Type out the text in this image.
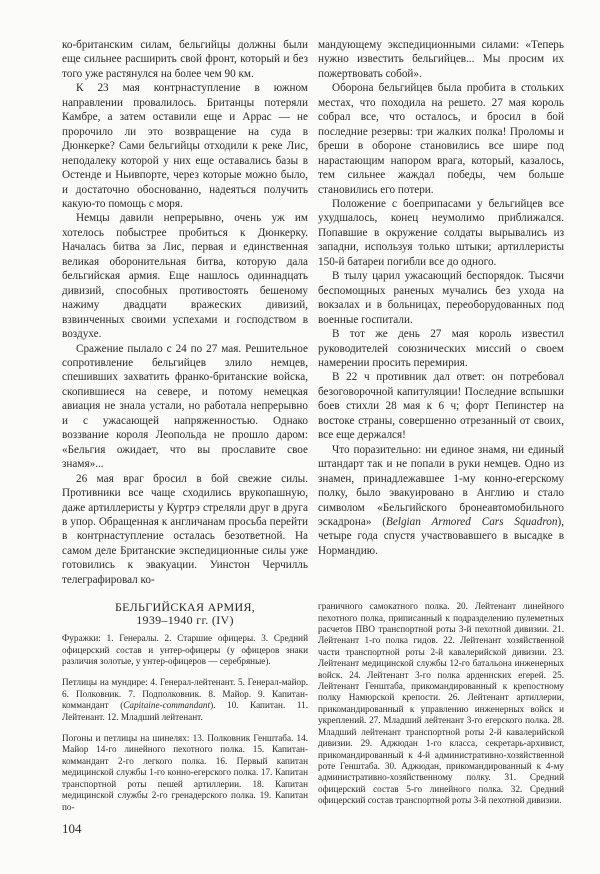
ко-британским силам, бельгийцы должны были еще сильнее расширить свой фронт, который и без того уже растянулся на более чем 90 км.

К 23 мая контрнаступление в южном направлении провалилось. Британцы потеряли Камбре, а затем оставили еще и Аррас — не пророчило ли это возвращение на суда в Дюнкерке? Сами бельгийцы отходили к реке Лис, неподалеку которой у них еще оставались базы в Остенде и Ньивпорте, через которые можно было, и достаточно обоснованно, надеяться получить какую-то помощь с моря.

Немцы давили непрерывно, очень уж им хотелось побыстрее пробиться к Дюнкерку. Началась битва за Лис, первая и единственная великая оборонительная битва, которую дала бельгийская армия. Еще нашлось одиннадцать дивизий, способных противостоять бешеному нажиму двадцати вражеских дивизий, взвинченных своими успехами и господством в воздухе.

Сражение пылало с 24 по 27 мая. Решительное сопротивление бельгийцев злило немцев, спешивших захватить франко-британские войска, скопившиеся на севере, и потому немецкая авиация не знала устали, но работала непрерывно и с ужасающей напряженностью. Однако воззвание короля Леопольда не прошло даром: «Бельгия ожидает, что вы прославите свое знамя»...

26 мая враг бросил в бой свежие силы. Противники все чаще сходились врукопашную, даже артиллеристы у Куртрэ стреляли друг в друга в упор. Обращенная к англичанам просьба перейти в контрнаступление осталась безответной. На самом деле Британские экспедиционные силы уже готовились к эвакуации. Уинстон Черчилль телеграфировал ко-

мандующему экспедиционными силами: «Теперь нужно известить бельгийцев... Мы просим их пожертвовать собой».

Оборона бельгийцев была пробита в стольких местах, что походила на решето. 27 мая король собрал все, что осталось, и бросил в бой последние резервы: три жалких полка! Проломы и бреши в обороне становились все шире под нарастающим напором врага, который, казалось, тем сильнее жаждал победы, чем больше становились его потери.

Положение с боеприпасами у бельгийцев все ухудшалось, конец неумолимо приближался. Попавшие в окружение солдаты вырывались из западни, используя только штыки; артиллеристы 150-й батареи погибли все до одного.

В тылу царил ужасающий беспорядок. Тысячи беспомощных раненых мучались без ухода на вокзалах и в больницах, переоборудованных под военные госпитали.

В тот же день 27 мая король известил руководителей союзнических миссий о своем намерении просить перемирия.

В 22 ч противник дал ответ: он потребовал безоговорочной капитуляции! Последние вспышки боев стихли 28 мая к 6 ч; форт Пепинстер на востоке страны, совершенно отрезанный от своих, все еще держался!

Что поразительно: ни единое знамя, ни единый штандарт так и не попали в руки немцев. Одно из знамен, принадлежавшее 1-му конно-егерскому полку, было эвакуировано в Англию и стало символом «Бельгийского бронеавтомобильного эскадрона» (Belgian Armored Cars Squadron), четыре года спустя участвовавшего в высадке в Нормандию.

БЕЛЬГИЙСКАЯ АРМИЯ,
1939–1940 гг. (IV)

Фуражки: 1. Генералы. 2. Старшие офицеры. 3. Средний офицерский состав и унтер-офицеры (у офицеров знаки различия золотые, у унтер-офицеров — серебряные).

Петлицы на мундире: 4. Генерал-лейтенант. 5. Генерал-майор. 6. Полковник. 7. Подполковник. 8. Майор. 9. Капитан-коммандант (Capitaine-commandant). 10. Капитан. 11. Лейтенант. 12. Младший лейтенант.

Погоны и петлицы на шинелях: 13. Полковник Генштаба. 14. Майор 14-го линейного пехотного полка. 15. Капитан-коммандант 2-го легкого полка. 16. Первый капитан медицинской службы 1-го конно-егерского полка. 17. Капитан транспортной роты пешей артиллерии. 18. Капитан медицинской службы 2-го гренадерского полка. 19. Капитан по-

104

граничного самокатного полка. 20. Лейтенант линейного пехотного полка, приписанный к подразделению пулеметных расчетов ПВО транспортной роты 3-й пехотной дивизии. 21. Лейтенант 1-го полка гидов. 22. Лейтенант хозяйственной части транспортной роты 2-й кавалерийской дивизии. 23. Лейтенант медицинской службы 12-го батальона инженерных войск. 24. Лейтенант 3-го полка арденнских егерей. 25. Лейтенант Генштаба, прикомандированный к крепостному полку Намюрской крепости. 26. Лейтенант артиллерии, прикомандированный к управлению инженерных войск и укреплений. 27. Младший лейтенант 3-го егерского полка. 28. Младший лейтенант транспортной роты 2-й кавалерийской дивизии. 29. Аджюдан 1-го класса, секретарь-архивист, прикомандированный к 4-й административно-хозяйственной роте Генштаба. 30. Аджюдан, прикомандированный к 4-му административно-хозяйственному полку. 31. Средний офицерский состав 5-го линейного полка. 32. Средний офицерский состав транспортной роты 3-й пехотной дивизии.
